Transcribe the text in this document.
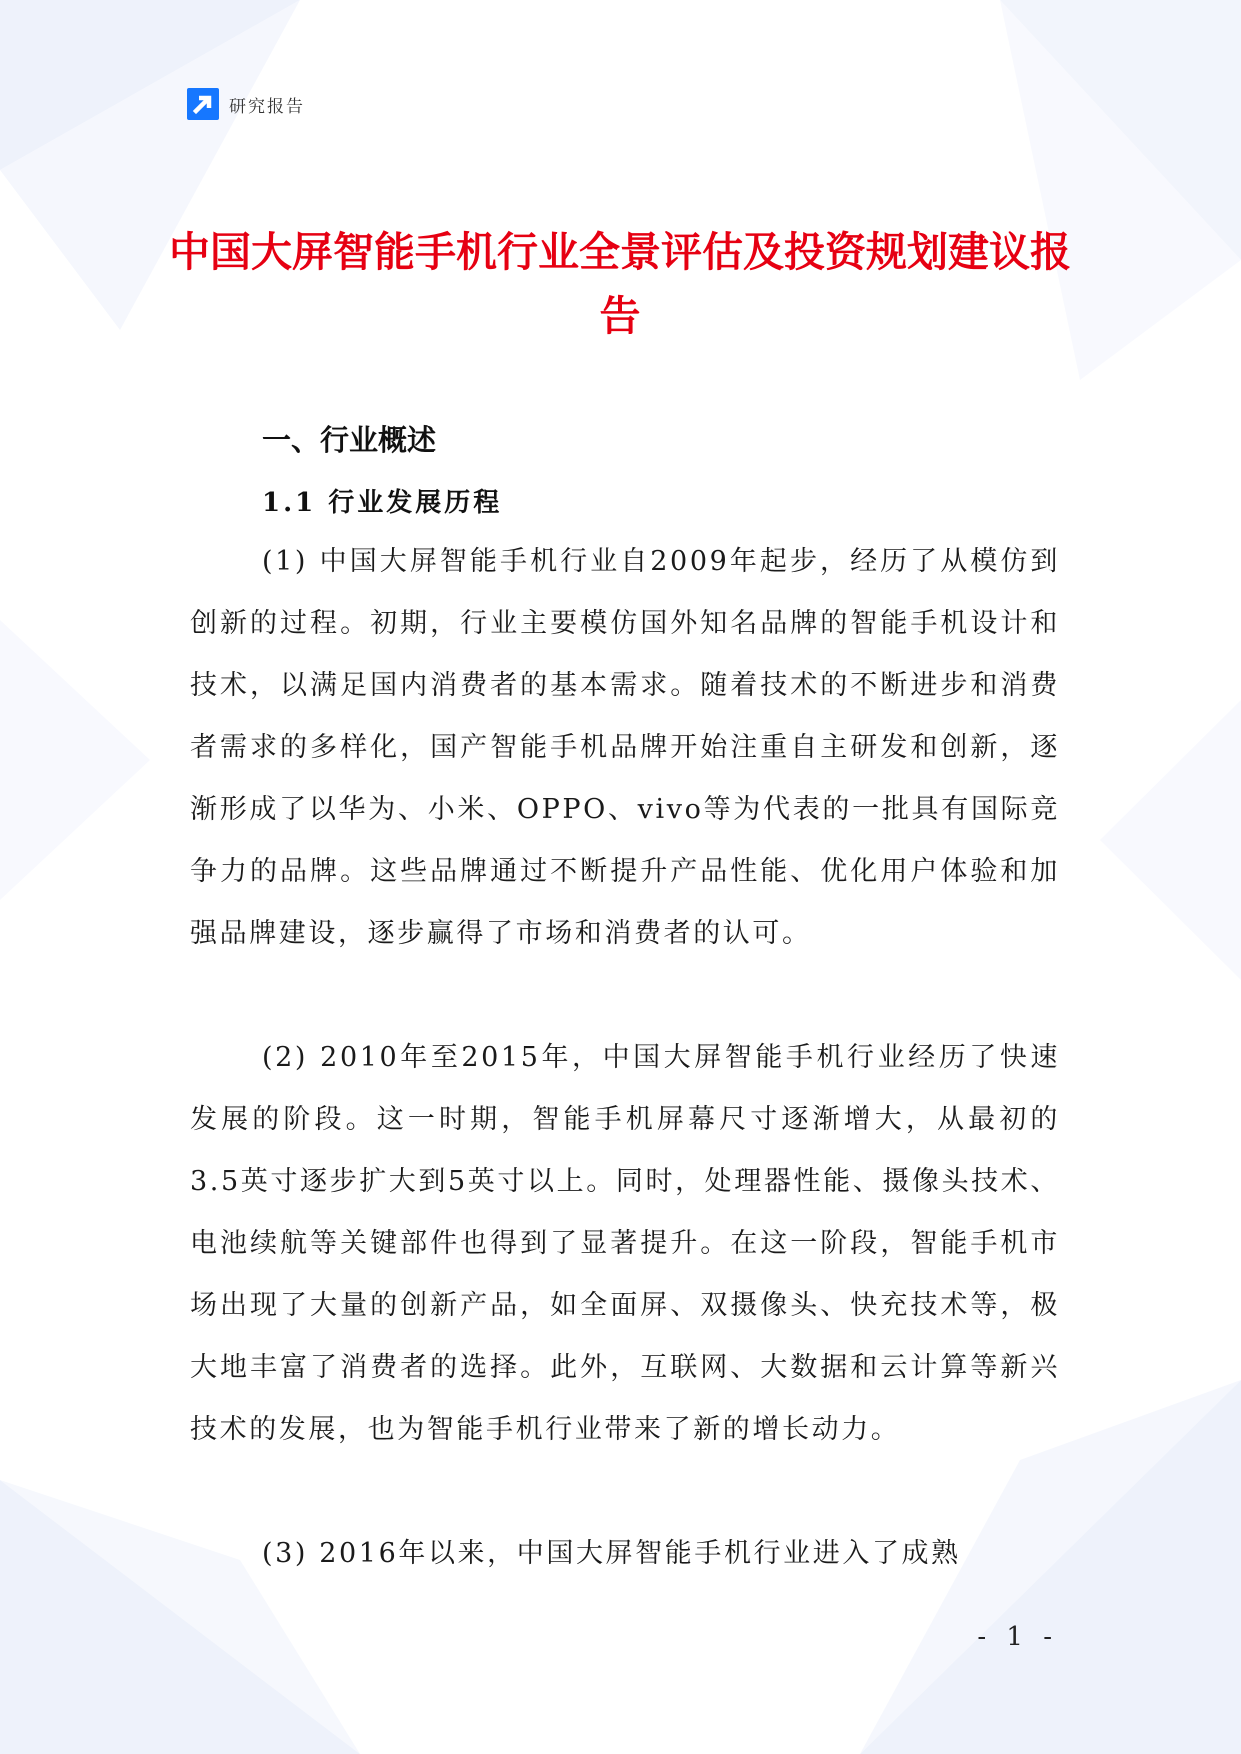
研究报告
中国大屏智能手机行业全景评估及投资规划建议报告
一、行业概述
1.1 行业发展历程

(1) 中国大屏智能手机行业自2009年起步，经历了从模仿到创新的过程。初期，行业主要模仿国外知名品牌的智能手机设计和技术，以满足国内消费者的基本需求。随着技术的不断进步和消费者需求的多样化，国产智能手机品牌开始注重自主研发和创新，逐渐形成了以华为、小米、OPPO、vivo等为代表的一批具有国际竞争力的品牌。这些品牌通过不断提升产品性能、优化用户体验和加强品牌建设，逐步赢得了市场和消费者的认可。

(2) 2010年至2015年，中国大屏智能手机行业经历了快速发展的阶段。这一时期，智能手机屏幕尺寸逐渐增大，从最初的3.5英寸逐步扩大到5英寸以上。同时，处理器性能、摄像头技术、电池续航等关键部件也得到了显著提升。在这一阶段，智能手机市场出现了大量的创新产品，如全面屏、双摄像头、快充技术等，极大地丰富了消费者的选择。此外，互联网、大数据和云计算等新兴技术的发展，也为智能手机行业带来了新的增长动力。

(3) 2016年以来，中国大屏智能手机行业进入了成熟

- 1 -
